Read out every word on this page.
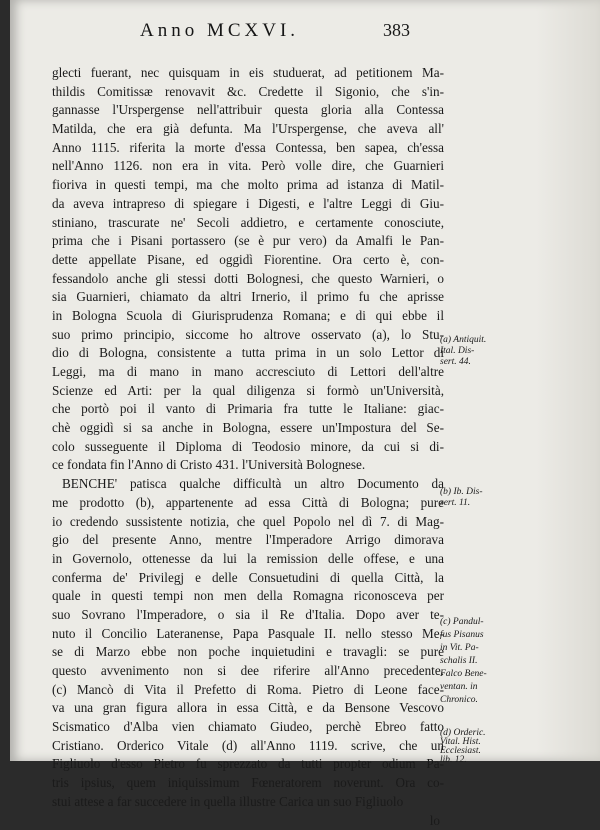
Anno MCXVI.	383
glecti fuerant, nec quisquam in eis studuerat, ad petitionem Ma-
thildis Comitissæ renovavit &c. Credette il Sigonio, che s'in-
gannasse l'Urspergense nell'attribuir questa gloria alla Contessa
Matilda, che era già defunta. Ma l'Urspergense, che aveva all'
Anno 1115. riferita la morte d'essa Contessa, ben sapea, ch'essa
nell'Anno 1126. non era in vita. Però volle dire, che Guarnieri
fioriva in questi tempi, ma che molto prima ad istanza di Matil-
da aveva intrapreso di spiegare i Digesti, e l'altre Leggi di Giu-
stiniano, trascurate ne' Secoli addietro, e certamente conosciute,
prima che i Pisani portassero (se è pur vero) da Amalfi le Pan-
dette appellate Pisane, ed oggidì Fiorentine. Ora certo è, con-
fessandolo anche gli stessi dotti Bolognesi, che questo Warnieri, o
sia Guarnieri, chiamato da altri Irnerio, il primo fu che aprisse
in Bologna Scuola di Giurisprudenza Romana; e di qui ebbe il
suo primo principio, siccome ho altrove osservato (a), lo Stu-
dio di Bologna, consistente a tutta prima in un solo Lettor di
Leggi, ma di mano in mano accresciuto di Lettori dell'altre
Scienze ed Arti: per la qual diligenza si formò un'Università,
che portò poi il vanto di Primaria fra tutte le Italiane: giac-
chè oggidì si sa anche in Bologna, essere un'Impostura del Se-
colo susseguente il Diploma di Teodosio minore, da cui si di-
ce fondata fin l'Anno di Cristo 431. l'Università Bolognese.
BENCHE' patisca qualche difficultà un altro Documento da
me prodotto (b), appartenente ad essa Città di Bologna; pure
io credendo sussistente notizia, che quel Popolo nel dì 7. di Mag-
gio del presente Anno, mentre l'Imperadore Arrigo dimorava
in Governolo, ottenesse da lui la remission delle offese, e una
conferma de' Privilegj e delle Consuetudini di quella Città, la
quale in questi tempi non men della Romagna riconosceva per
suo Sovrano l'Imperadore, o sia il Re d'Italia. Dopo aver te-
nuto il Concilio Lateranense, Papa Pasquale II. nello stesso Me-
se di Marzo ebbe non poche inquietudini e travagli: se pure
questo avvenimento non si dee riferire all'Anno precedente.
(c) Mancò di Vita il Prefetto di Roma. Pietro di Leone face-
va una gran figura allora in essa Città, e da Bensone Vescovo
Scismatico d'Alba vien chiamato Giudeo, perchè Ebreo fatto
Cristiano. Orderico Vitale (d) all'Anno 1119. scrive, che un
Figliuolo d'esso Pietro fu sprezzato da tutti propter odium Pa-
tris ipsius, quem iniquissimum Fœneratorem noverunt. Ora co-
stui attese a far succedere in quella illustre Carica un suo Figliuolo
lo
(a) Antiquit.
Ital. Dis-
sert. 44.
(b) Ib. Dis-
sert. 11.
(c) Pandul-
fus Pisanus
in Vit. Pa-
schalis II.
Falco Bene-
ventan. in
Chronico.
(d) Orderic.
Vital. Hist.
Ecclesiast.
lib. 12.
